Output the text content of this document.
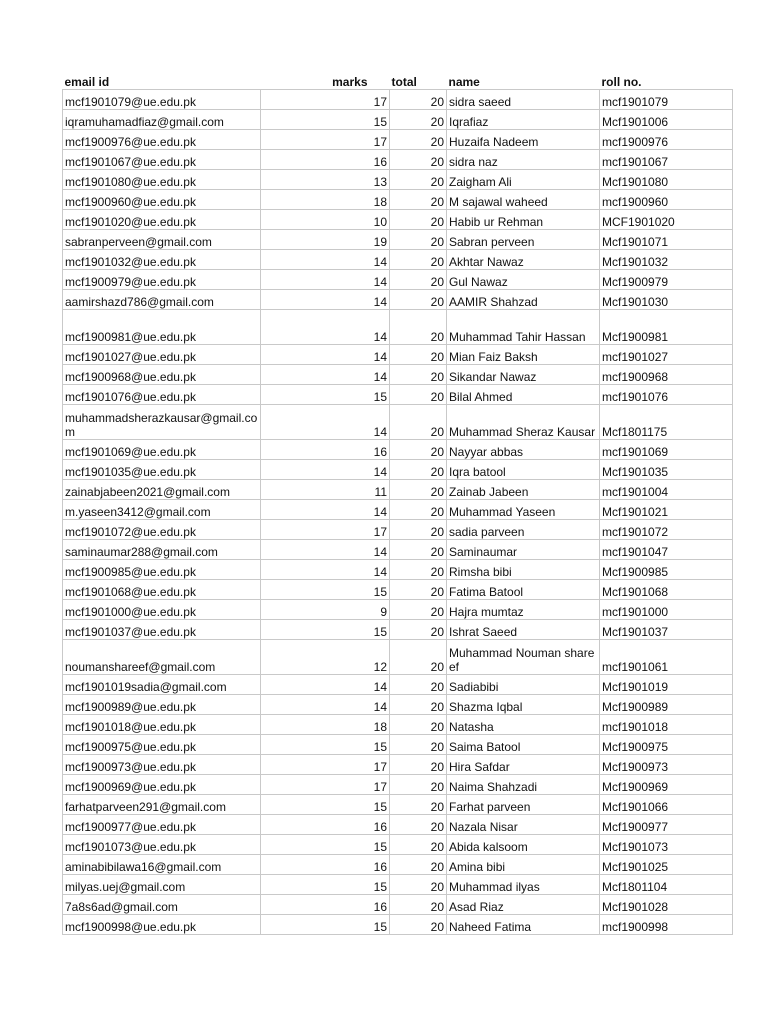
email id	marks	total	name	roll no.
mcf1901079@ue.edu.pk	17	20	sidra saeed	mcf1901079
iqramuhamadfiaz@gmail.com	15	20	Iqrafiaz	Mcf1901006
mcf1900976@ue.edu.pk	17	20	Huzaifa Nadeem	mcf1900976
mcf1901067@ue.edu.pk	16	20	sidra naz	mcf1901067
mcf1901080@ue.edu.pk	13	20	Zaigham Ali	Mcf1901080
mcf1900960@ue.edu.pk	18	20	M sajawal waheed	mcf1900960
mcf1901020@ue.edu.pk	10	20	Habib ur Rehman	MCF1901020
sabranperveen@gmail.com	19	20	Sabran perveen	Mcf1901071
mcf1901032@ue.edu.pk	14	20	Akhtar Nawaz	Mcf1901032
mcf1900979@ue.edu.pk	14	20	Gul Nawaz	Mcf1900979
aamirshazd786@gmail.com	14	20	AAMIR Shahzad	Mcf1901030
mcf1900981@ue.edu.pk	14	20	Muhammad Tahir Hassan	Mcf1900981
mcf1901027@ue.edu.pk	14	20	Mian Faiz Baksh	mcf1901027
mcf1900968@ue.edu.pk	14	20	Sikandar Nawaz	mcf1900968
mcf1901076@ue.edu.pk	15	20	Bilal Ahmed	mcf1901076
muhammadsherazkausar@gmail.com	14	20	Muhammad Sheraz Kausar	Mcf1801175
mcf1901069@ue.edu.pk	16	20	Nayyar abbas	mcf1901069
mcf1901035@ue.edu.pk	14	20	Iqra batool	Mcf1901035
zainabjabeen2021@gmail.com	11	20	Zainab Jabeen	mcf1901004
m.yaseen3412@gmail.com	14	20	Muhammad Yaseen	Mcf1901021
mcf1901072@ue.edu.pk	17	20	sadia parveen	mcf1901072
saminaumar288@gmail.com	14	20	Saminaumar	mcf1901047
mcf1900985@ue.edu.pk	14	20	Rimsha bibi	Mcf1900985
mcf1901068@ue.edu.pk	15	20	Fatima Batool	Mcf1901068
mcf1901000@ue.edu.pk	9	20	Hajra mumtaz	mcf1901000
mcf1901037@ue.edu.pk	15	20	Ishrat Saeed	Mcf1901037
noumanshareef@gmail.com	12	20	Muhammad Nouman shareef	mcf1901061
mcf1901019sadia@gmail.com	14	20	Sadiabibi	Mcf1901019
mcf1900989@ue.edu.pk	14	20	Shazma Iqbal	Mcf1900989
mcf1901018@ue.edu.pk	18	20	Natasha	mcf1901018
mcf1900975@ue.edu.pk	15	20	Saima Batool	Mcf1900975
mcf1900973@ue.edu.pk	17	20	Hira Safdar	Mcf1900973
mcf1900969@ue.edu.pk	17	20	Naima Shahzadi	Mcf1900969
farhatparveen291@gmail.com	15	20	Farhat parveen	Mcf1901066
mcf1900977@ue.edu.pk	16	20	Nazala Nisar	Mcf1900977
mcf1901073@ue.edu.pk	15	20	Abida kalsoom	Mcf1901073
aminabibilawa16@gmail.com	16	20	Amina bibi	Mcf1901025
milyas.uej@gmail.com	15	20	Muhammad ilyas	Mcf1801104
7a8s6ad@gmail.com	16	20	Asad Riaz	Mcf1901028
mcf1900998@ue.edu.pk	15	20	Naheed Fatima	mcf1900998
